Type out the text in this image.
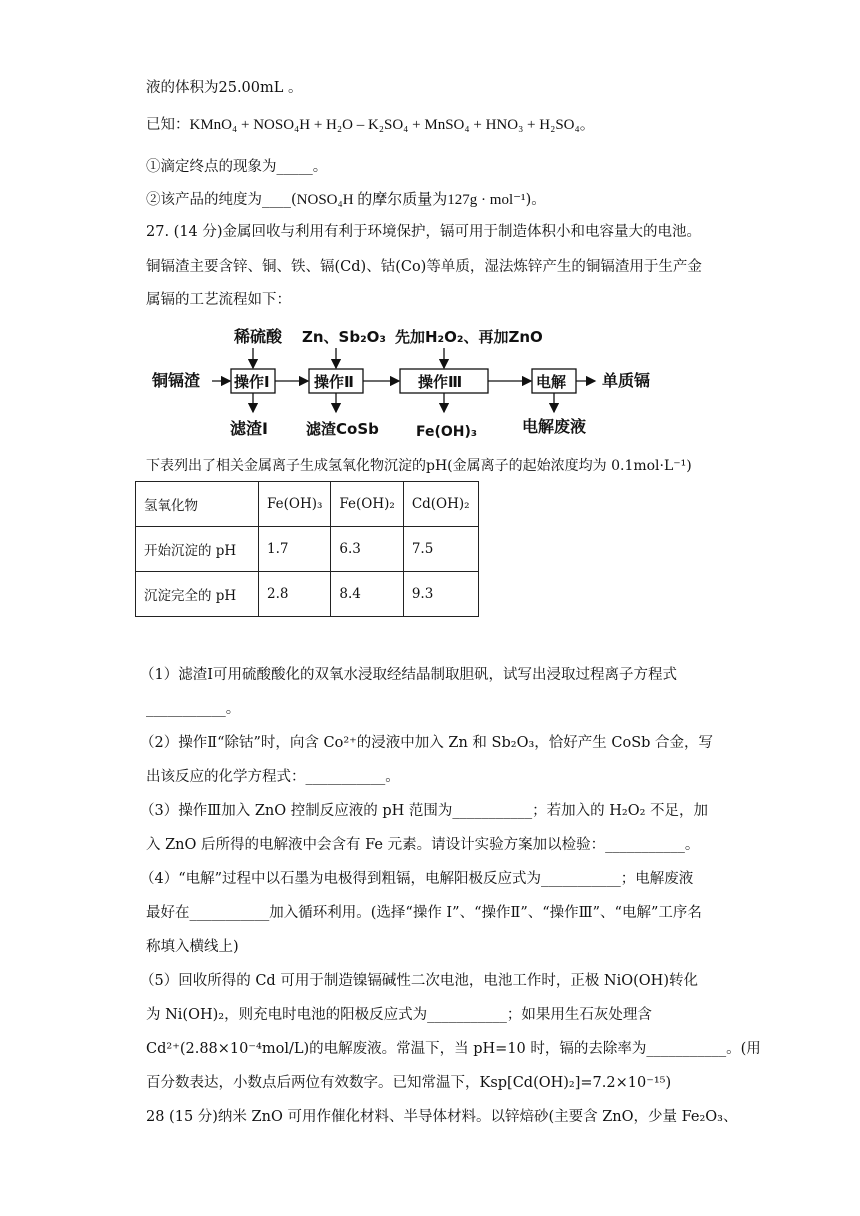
液的体积为25.00mL 。
已知：KMnO₄ + NOSO₄H + H₂O – K₂SO₄ + MnSO₄ + HNO₃ + H₂SO₄。
①滴定终点的现象为_____。
②该产品的纯度为____(NOSO₄H 的摩尔质量为127g · mol⁻¹)。
27. (14 分)金属回收与利用有利于环境保护，镉可用于制造体积小和电容量大的电池。
铜镉渣主要含锌、铜、铁、镉(Cd)、钴(Co)等单质，湿法炼锌产生的铜镉渣用于生产金
属镉的工艺流程如下：
稀硫酸 Zn、Sb₂O₃ 先加H₂O₂、再加ZnO
铜镉渣 操作Ⅰ	操作Ⅱ	操作Ⅲ	电解 单质镉
滤渣Ⅰ	滤渣CoSb	Fe(OH)₃	电解废液
下表列出了相关金属离子生成氢氧化物沉淀的pH(金属离子的起始浓度均为 0.1mol·L⁻¹)
氢氧化物	Fe(OH)₃	Fe(OH)₂	Cd(OH)₂
开始沉淀的 pH	1.7	6.3	7.5
沉淀完全的 pH	2.8	8.4	9.3
（1）滤渣Ⅰ可用硫酸酸化的双氧水浸取经结晶制取胆矾，试写出浸取过程离子方程式
___________。
（2）操作Ⅱ“除钴”时，向含 Co²⁺的浸液中加入 Zn 和 Sb₂O₃，恰好产生 CoSb 合金，写
出该反应的化学方程式：___________。
（3）操作Ⅲ加入 ZnO 控制反应液的 pH 范围为___________；若加入的 H₂O₂ 不足，加
入 ZnO 后所得的电解液中会含有 Fe 元素。请设计实验方案加以检验：___________。
（4）“电解”过程中以石墨为电极得到粗镉，电解阳极反应式为___________；电解废液
最好在___________加入循环利用。(选择“操作 I”、“操作Ⅱ”、“操作Ⅲ”、“电解”工序名
称填入横线上)
（5）回收所得的 Cd 可用于制造镍镉碱性二次电池，电池工作时，正极 NiO(OH)转化
为 Ni(OH)₂，则充电时电池的阳极反应式为___________；如果用生石灰处理含
Cd²⁺(2.88×10⁻⁴mol/L)的电解废液。常温下，当 pH=10 时，镉的去除率为___________。(用
百分数表达，小数点后两位有效数字。已知常温下，Ksp[Cd(OH)₂]=7.2×10⁻¹⁵)
28 (15 分)纳米 ZnO 可用作催化材料、半导体材料。以锌焙砂(主要含 ZnO，少量 Fe₂O₃、
